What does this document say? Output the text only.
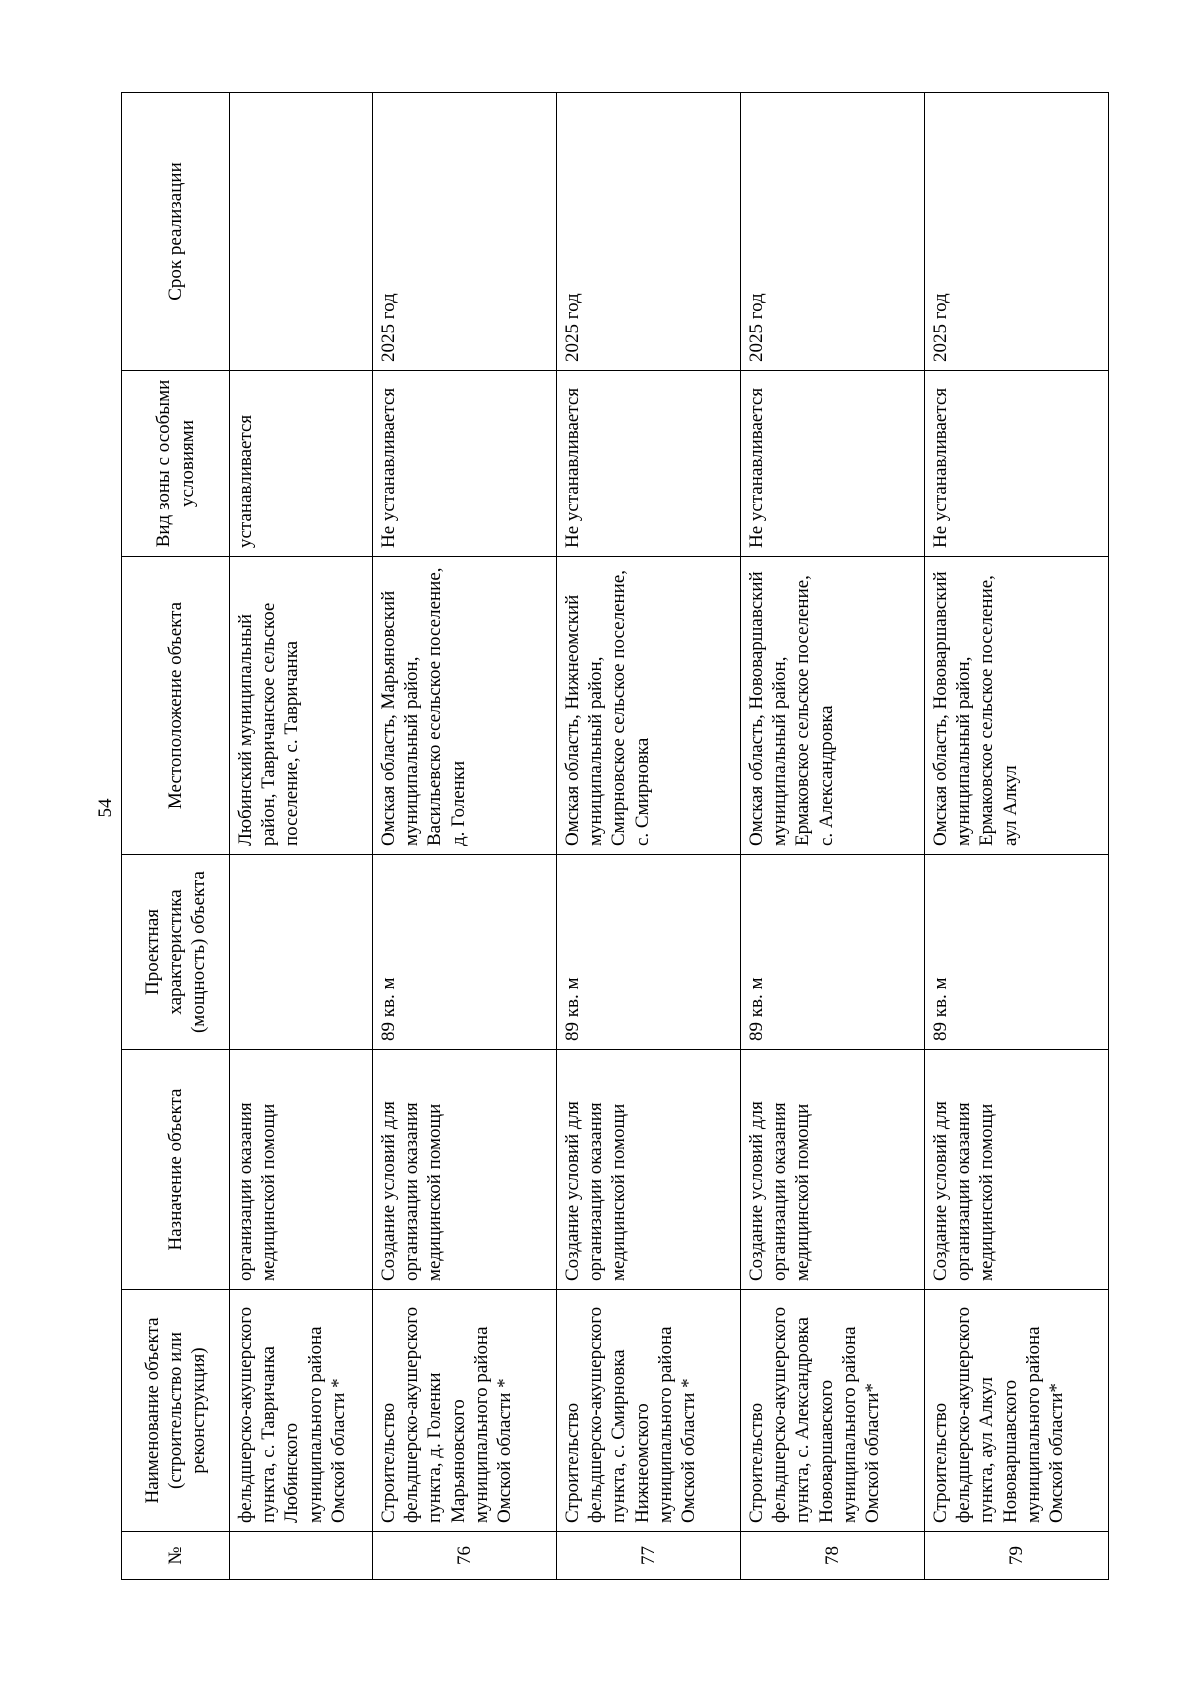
54
№	Наименование объекта (строительство или реконструкция)	Назначение объекта	Проектная характеристика (мощность) объекта	Местоположение объекта	Вид зоны с особыми условиями	Срок реализации
	фельдшерско-акушерского пункта, с. Тавричанка Любинского муниципального района Омской области *	организации оказания медицинской помощи		Любинский муниципальный район, Тавричанское сельское поселение, с. Тавричанка	устанавливается	
76	Строительство фельдшерско-акушерского пункта, д. Голенки Марьяновского муниципального района Омской области *	Создание условий для организации оказания медицинской помощи	89 кв. м	Омская область, Марьяновский муниципальный район, Васильевско есельское поселение, д. Голенки	Не устанавливается	2025 год
77	Строительство фельдшерско-акушерского пункта, с. Смирновка Нижнеомского муниципального района Омской области *	Создание условий для организации оказания медицинской помощи	89 кв. м	Омская область, Нижнеомский муниципальный район, Смирновское сельское поселение, с. Смирновка	Не устанавливается	2025 год
78	Строительство фельдшерско-акушерского пункта, с. Александровка Нововаршавского муниципального района Омской области*	Создание условий для организации оказания медицинской помощи	89 кв. м	Омская область, Нововаршавский муниципальный район, Ермаковское сельское поселение, с. Александровка	Не устанавливается	2025 год
79	Строительство фельдшерско-акушерского пункта, аул Алкул Нововаршавского муниципального района Омской области*	Создание условий для организации оказания медицинской помощи	89 кв. м	Омская область, Нововаршавский муниципальный район, Ермаковское сельское поселение, аул Алкул	Не устанавливается	2025 год
